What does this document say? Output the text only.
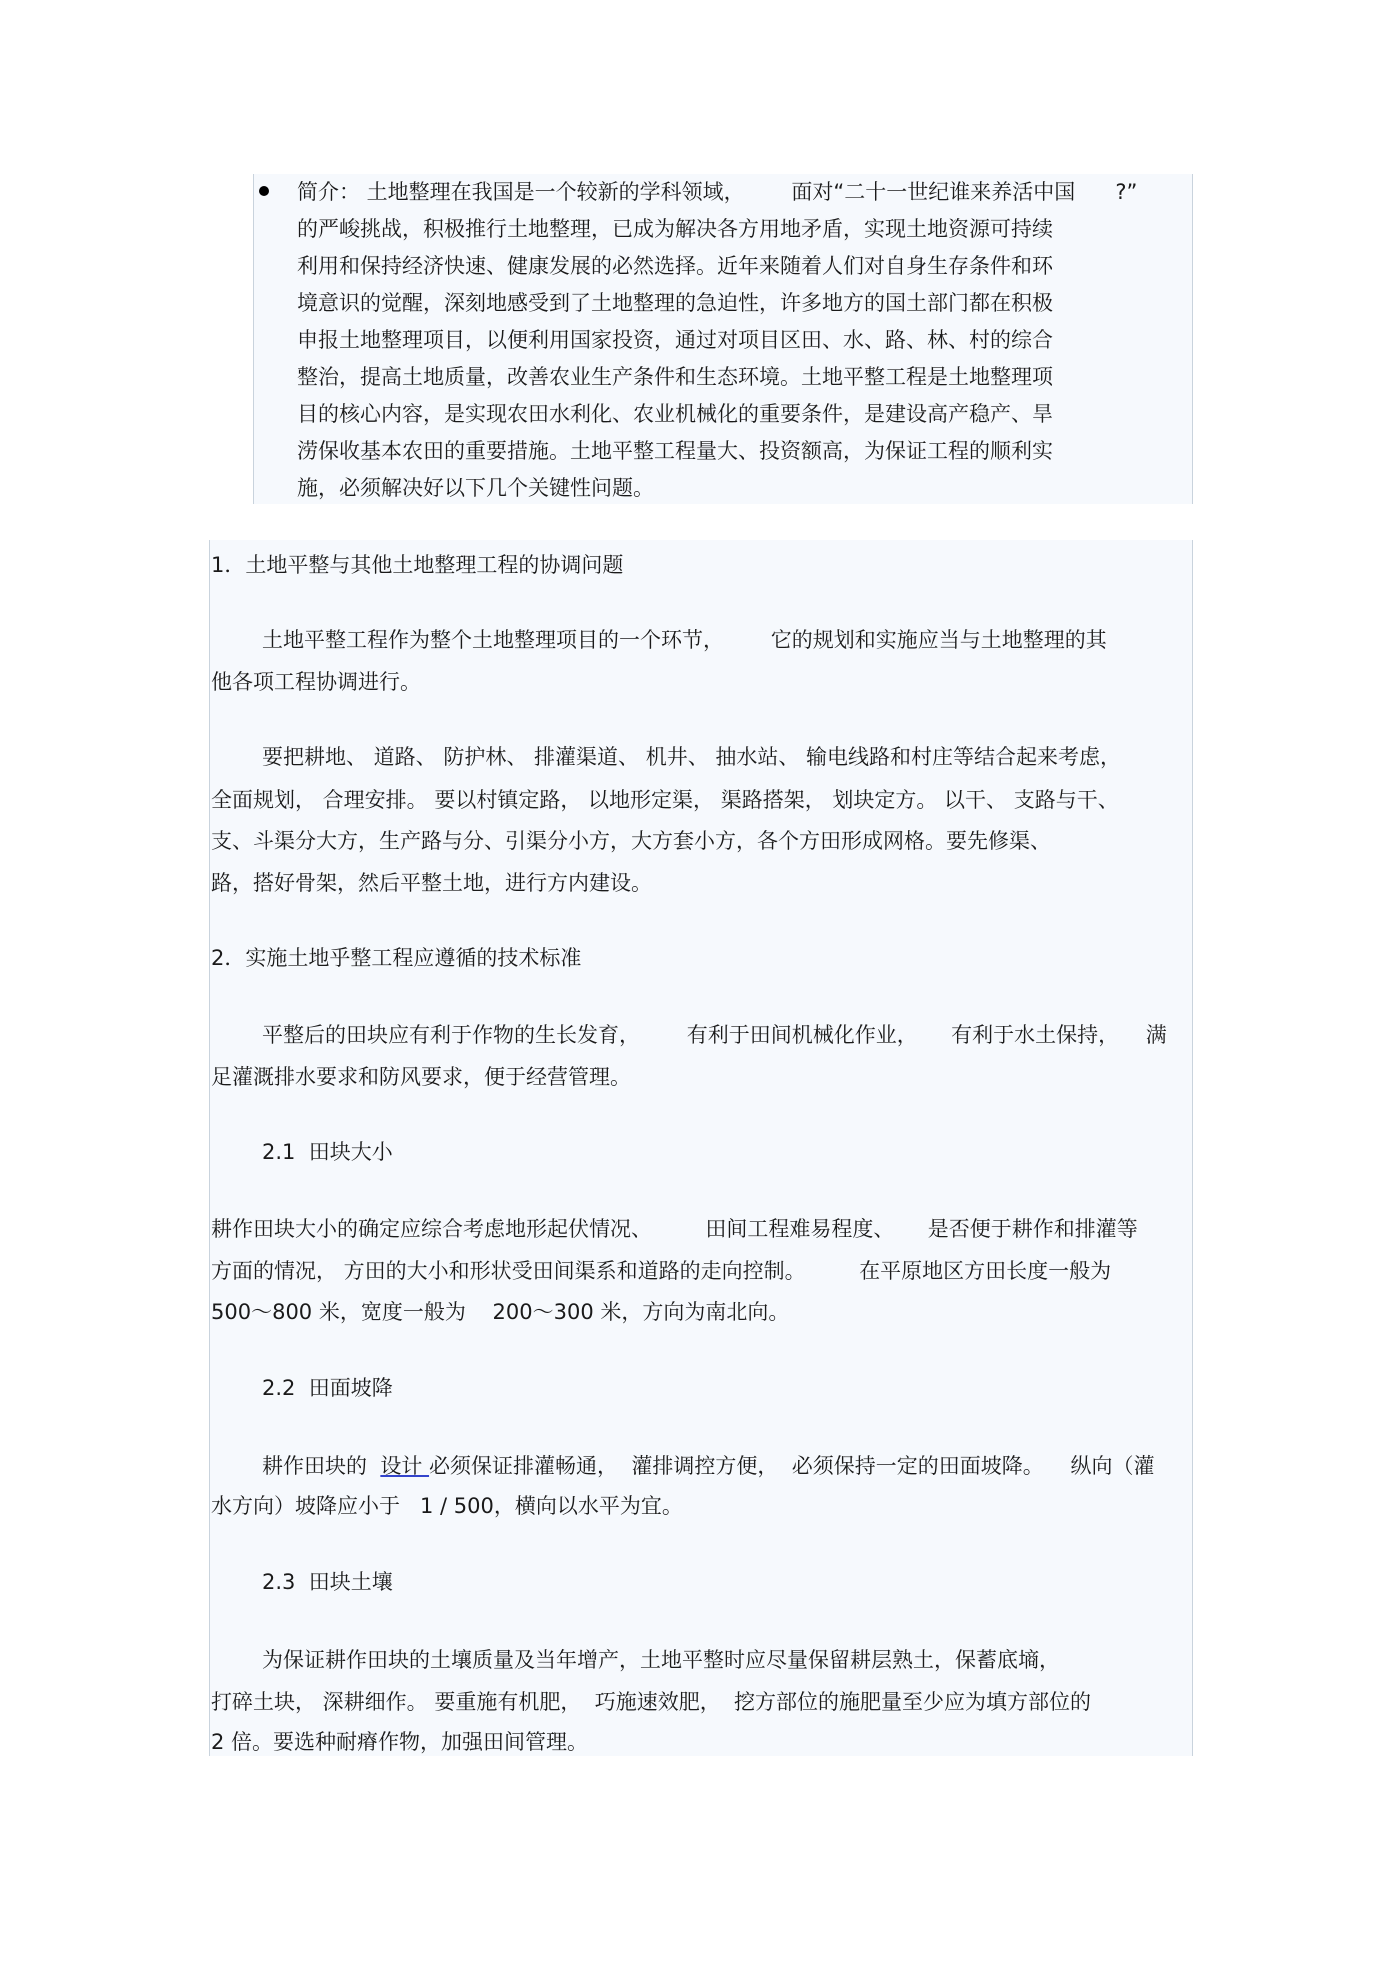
简介： 土地整理在我国是一个较新的学科领域，       面对“二十一世纪谁来养活中国      ?”
的严峻挑战，积极推行土地整理，已成为解决各方用地矛盾，实现土地资源可持续
利用和保持经济快速、健康发展的必然选择。近年来随着人们对自身生存条件和环
境意识的觉醒，深刻地感受到了土地整理的急迫性，许多地方的国土部门都在积极
申报土地整理项目，以便利用国家投资，通过对项目区田、水、路、林、村的综合
整治，提高土地质量，改善农业生产条件和生态环境。土地平整工程是土地整理项
目的核心内容，是实现农田水利化、农业机械化的重要条件，是建设高产稳产、旱
涝保收基本农田的重要措施。土地平整工程量大、投资额高，为保证工程的顺利实
施，必须解决好以下几个关键性问题。
1．土地平整与其他土地整理工程的协调问题
土地平整工程作为整个土地整理项目的一个环节，       它的规划和实施应当与土地整理的其
他各项工程协调进行。
要把耕地、 道路、 防护林、 排灌渠道、 机井、 抽水站、 输电线路和村庄等结合起来考虑，
全面规划， 合理安排。 要以村镇定路， 以地形定渠， 渠路搭架， 划块定方。 以干、 支路与干、
支、斗渠分大方，生产路与分、引渠分小方，大方套小方，各个方田形成网格。要先修渠、
路，搭好骨架，然后平整土地，进行方内建设。
2．实施土地乎整工程应遵循的技术标准
平整后的田块应有利于作物的生长发育，       有利于田间机械化作业，     有利于水土保持，    满
足灌溉排水要求和防风要求，便于经营管理。
2.1  田块大小
耕作田块大小的确定应综合考虑地形起伏情况、        田间工程难易程度、     是否便于耕作和排灌等
方面的情况， 方田的大小和形状受田间渠系和道路的走向控制。        在平原地区方田长度一般为
500～800 米，宽度一般为    200～300 米，方向为南北向。
2.2  田面坡降
耕作田块的  设计 必须保证排灌畅通，  灌排调控方便，  必须保持一定的田面坡降。    纵向（灌
水方向）坡降应小于   1 / 500，横向以水平为宜。
2.3  田块土壤
为保证耕作田块的土壤质量及当年增产，土地平整时应尽量保留耕层熟土，保蓄底墒，
打碎土块， 深耕细作。 要重施有机肥，  巧施速效肥，  挖方部位的施肥量至少应为填方部位的
2 倍。要选种耐瘠作物，加强田间管理。
